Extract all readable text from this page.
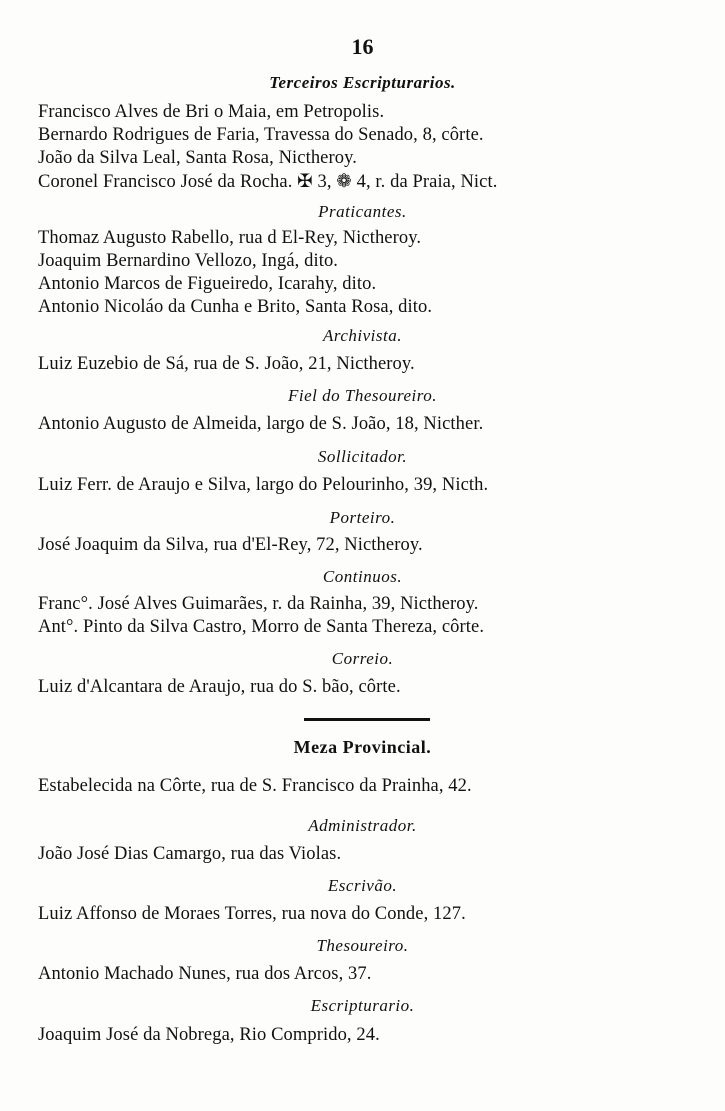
16
Terceiros Escripturarios.
Francisco Alves de Bri o Maia, em Petropolis.
Bernardo Rodrigues de Faria, Travessa do Senado, 8, côrte.
João da Silva Leal, Santa Rosa, Nictheroy.
Coronel Francisco José da Rocha. ✠ 3, ❁ 4, r. da Praia, Nict.
Praticantes.
Thomaz Augusto Rabello, rua d El-Rey, Nictheroy.
Joaquim Bernardino Vellozo, Ingá, dito.
Antonio Marcos de Figueiredo, Icarahy, dito.
Antonio Nicoláo da Cunha e Brito, Santa Rosa, dito.
Archivista.
Luiz Euzebio de Sá, rua de S. João, 21, Nictheroy.
Fiel do Thesoureiro.
Antonio Augusto de Almeida, largo de S. João, 18, Nicther.
Sollicitador.
Luiz Ferr. de Araujo e Silva, largo do Pelourinho, 39, Nicth.
Porteiro.
José Joaquim da Silva, rua d'El-Rey, 72, Nictheroy.
Continuos.
Franc°. José Alves Guimarães, r. da Rainha, 39, Nictheroy.
Ant°. Pinto da Silva Castro, Morro de Santa Thereza, côrte.
Correio.
Luiz d'Alcantara de Araujo, rua do S. bão, côrte.
Meza Provincial.
Estabelecida na Côrte, rua de S. Francisco da Prainha, 42.
Administrador.
João José Dias Camargo, rua das Violas.
Escrivão.
Luiz Affonso de Moraes Torres, rua nova do Conde, 127.
Thesoureiro.
Antonio Machado Nunes, rua dos Arcos, 37.
Escripturario.
Joaquim José da Nobrega, Rio Comprido, 24.
